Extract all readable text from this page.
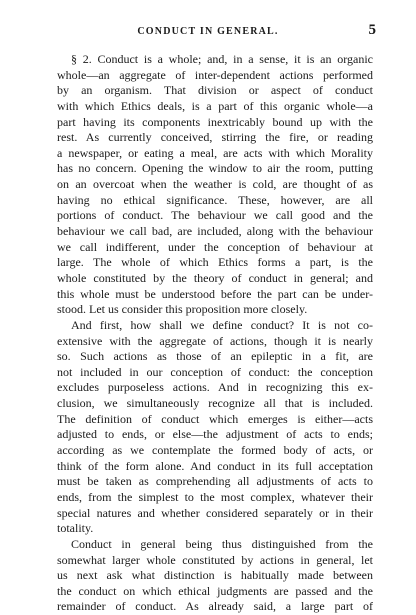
CONDUCT IN GENERAL.	5
§ 2. Conduct is a whole; and, in a sense, it is an organic
whole—an aggregate of inter-dependent actions performed
by an organism. That division or aspect of conduct
with which Ethics deals, is a part of this organic whole—a
part having its components inextricably bound up with the
rest. As currently conceived, stirring the fire, or reading
a newspaper, or eating a meal, are acts with which Morality
has no concern. Opening the window to air the room, putting
on an overcoat when the weather is cold, are thought of as
having no ethical significance. These, however, are all
portions of conduct. The behaviour we call good and the
behaviour we call bad, are included, along with the behaviour
we call indifferent, under the conception of behaviour at
large. The whole of which Ethics forms a part, is the
whole constituted by the theory of conduct in general; and
this whole must be understood before the part can be under-
stood. Let us consider this proposition more closely.
And first, how shall we define conduct? It is not co-
extensive with the aggregate of actions, though it is nearly
so. Such actions as those of an epileptic in a fit, are
not included in our conception of conduct: the conception
excludes purposeless actions. And in recognizing this ex-
clusion, we simultaneously recognize all that is included.
The definition of conduct which emerges is either—acts
adjusted to ends, or else—the adjustment of acts to ends;
according as we contemplate the formed body of acts, or
think of the form alone. And conduct in its full acceptation
must be taken as comprehending all adjustments of acts to
ends, from the simplest to the most complex, whatever their
special natures and whether considered separately or in their
totality.
Conduct in general being thus distinguished from the
somewhat larger whole constituted by actions in general, let
us next ask what distinction is habitually made between
the conduct on which ethical judgments are passed and the
remainder of conduct. As already said, a large part of
